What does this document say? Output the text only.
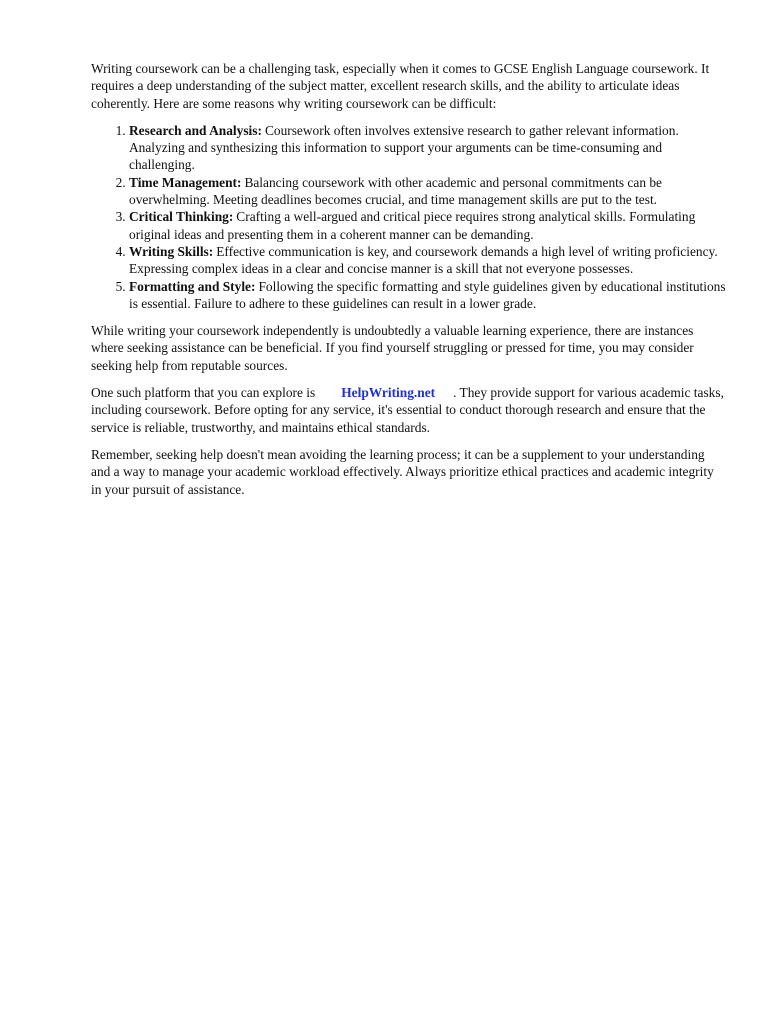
Writing coursework can be a challenging task, especially when it comes to GCSE English Language coursework. It requires a deep understanding of the subject matter, excellent research skills, and the ability to articulate ideas coherently. Here are some reasons why writing coursework can be difficult:

1. Research and Analysis: Coursework often involves extensive research to gather relevant information. Analyzing and synthesizing this information to support your arguments can be time-consuming and challenging.
2. Time Management: Balancing coursework with other academic and personal commitments can be overwhelming. Meeting deadlines becomes crucial, and time management skills are put to the test.
3. Critical Thinking: Crafting a well-argued and critical piece requires strong analytical skills. Formulating original ideas and presenting them in a coherent manner can be demanding.
4. Writing Skills: Effective communication is key, and coursework demands a high level of writing proficiency. Expressing complex ideas in a clear and concise manner is a skill that not everyone possesses.
5. Formatting and Style: Following the specific formatting and style guidelines given by educational institutions is essential. Failure to adhere to these guidelines can result in a lower grade.

While writing your coursework independently is undoubtedly a valuable learning experience, there are instances where seeking assistance can be beneficial. If you find yourself struggling or pressed for time, you may consider seeking help from reputable sources.

One such platform that you can explore is HelpWriting.net . They provide support for various academic tasks, including coursework. Before opting for any service, it's essential to conduct thorough research and ensure that the service is reliable, trustworthy, and maintains ethical standards.

Remember, seeking help doesn't mean avoiding the learning process; it can be a supplement to your understanding and a way to manage your academic workload effectively. Always prioritize ethical practices and academic integrity in your pursuit of assistance.
